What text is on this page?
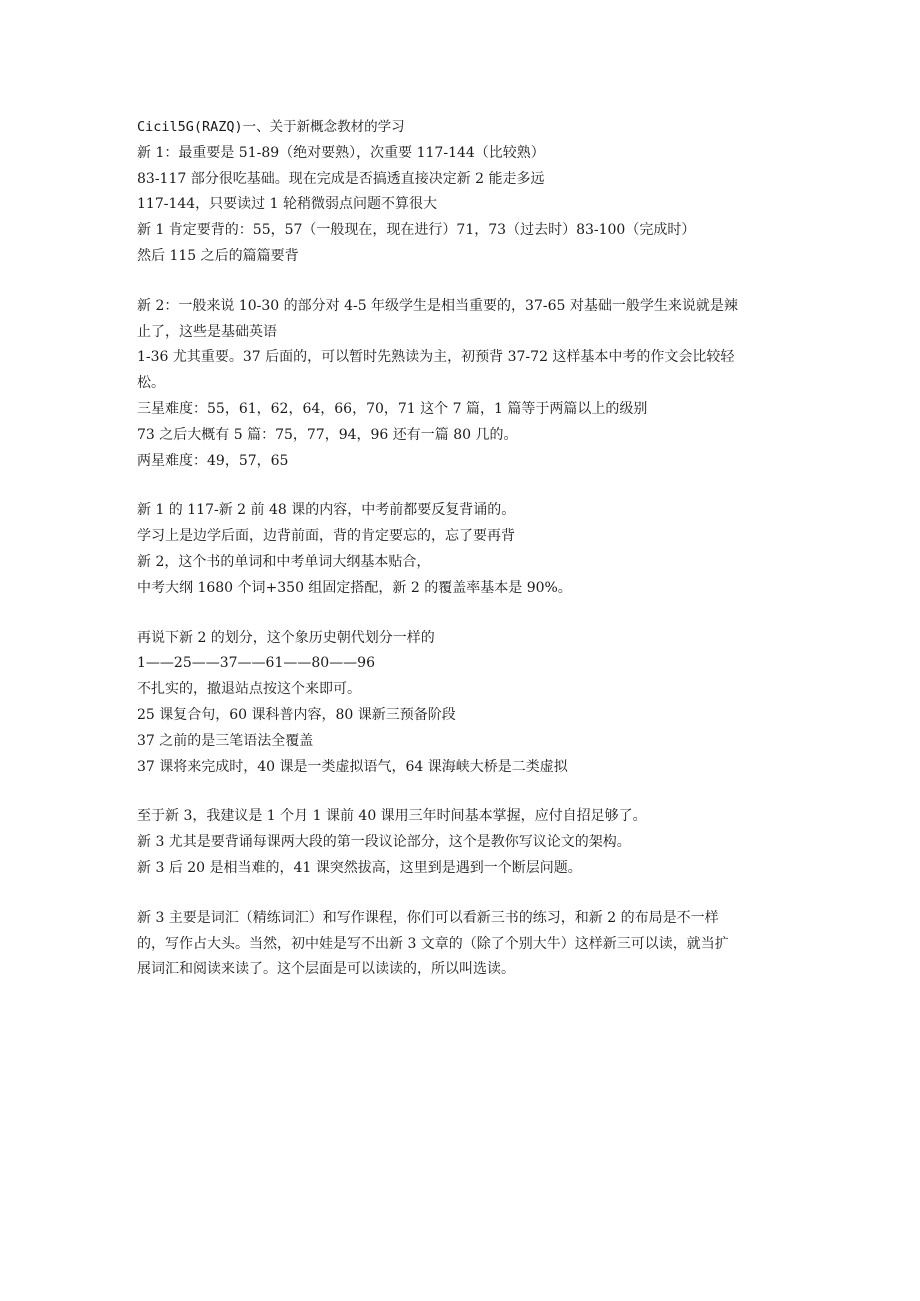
Cicil5G(RAZQ)一、关于新概念教材的学习
新 1：最重要是 51-89（绝对要熟），次重要 117-144（比较熟）
83-117 部分很吃基础。现在完成是否搞透直接决定新 2 能走多远
117-144，只要读过 1 轮稍微弱点问题不算很大
新 1 肯定要背的：55，57（一般现在，现在进行）71，73（过去时）83-100（完成时）
然后 115 之后的篇篇要背
新 2：一般来说 10-30 的部分对 4-5 年级学生是相当重要的，37-65 对基础一般学生来说就是辣
止了，这些是基础英语
1-36 尤其重要。37 后面的，可以暂时先熟读为主，初预背 37-72 这样基本中考的作文会比较轻
松。
三星难度：55，61，62，64，66，70，71 这个 7 篇，1 篇等于两篇以上的级别
73 之后大概有 5 篇：75，77，94，96 还有一篇 80 几的。
两星难度：49，57，65
新 1 的 117-新 2 前 48 课的内容，中考前都要反复背诵的。
学习上是边学后面，边背前面，背的肯定要忘的，忘了要再背
新 2，这个书的单词和中考单词大纲基本贴合，
中考大纲 1680 个词+350 组固定搭配，新 2 的覆盖率基本是 90%。
再说下新 2 的划分，这个象历史朝代划分一样的
1——25——37——61——80——96
不扎实的，撤退站点按这个来即可。
25 课复合句，60 课科普内容，80 课新三预备阶段
37 之前的是三笔语法全覆盖
37 课将来完成时，40 课是一类虚拟语气，64 课海峡大桥是二类虚拟
至于新 3，我建议是 1 个月 1 课前 40 课用三年时间基本掌握，应付自招足够了。
新 3 尤其是要背诵每课两大段的第一段议论部分，这个是教你写议论文的架构。
新 3 后 20 是相当难的，41 课突然拔高，这里到是遇到一个断层问题。
新 3 主要是词汇（精练词汇）和写作课程，你们可以看新三书的练习，和新 2 的布局是不一样
的，写作占大头。当然，初中娃是写不出新 3 文章的（除了个别大牛）这样新三可以读，就当扩
展词汇和阅读来读了。这个层面是可以读读的，所以叫选读。
